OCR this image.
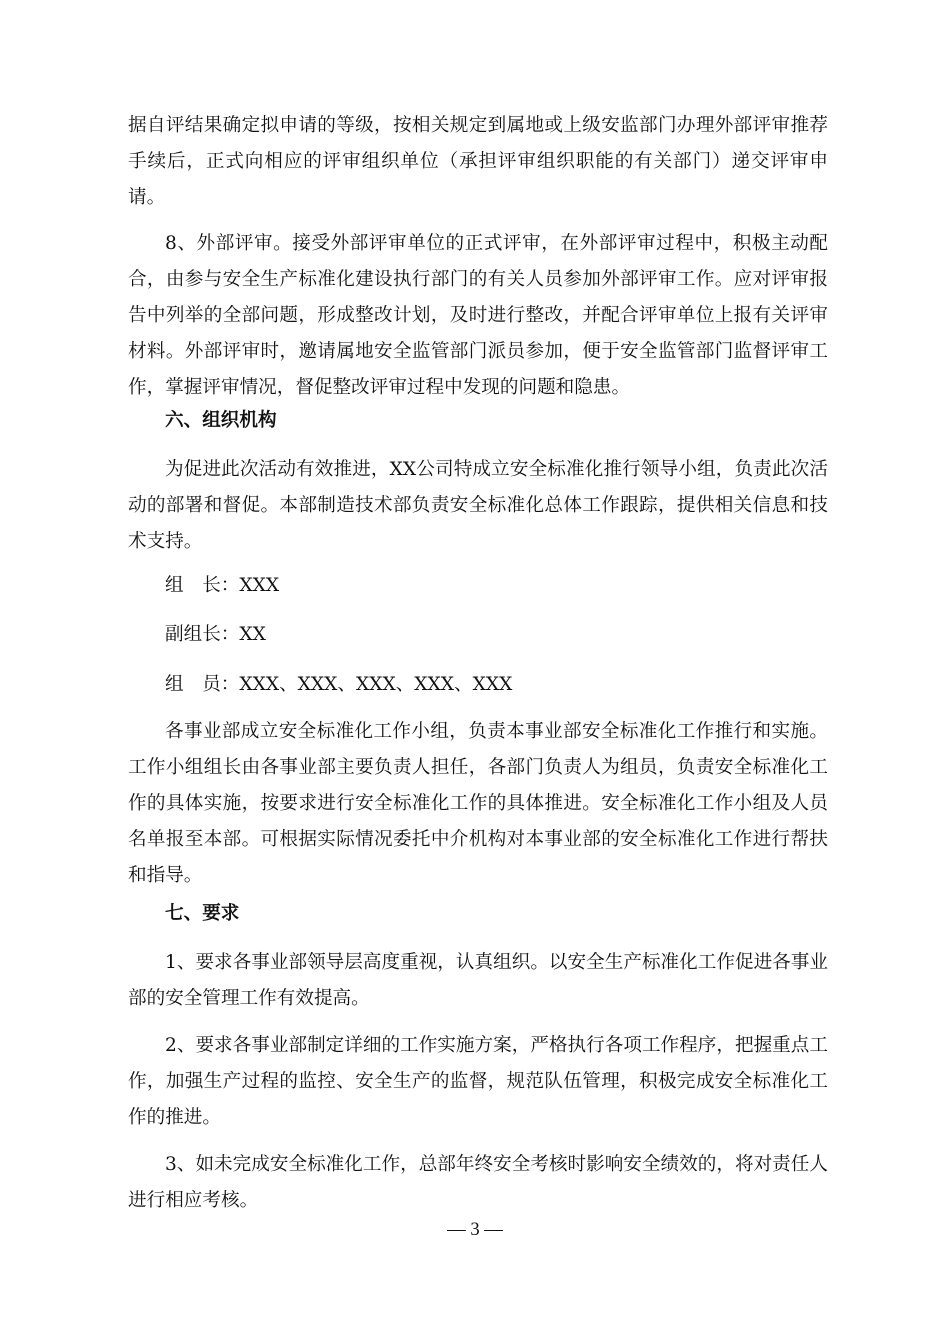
据自评结果确定拟申请的等级，按相关规定到属地或上级安监部门办理外部评审推荐手续后，正式向相应的评审组织单位（承担评审组织职能的有关部门）递交评审申请。

8、外部评审。接受外部评审单位的正式评审，在外部评审过程中，积极主动配合，由参与安全生产标准化建设执行部门的有关人员参加外部评审工作。应对评审报告中列举的全部问题，形成整改计划，及时进行整改，并配合评审单位上报有关评审材料。外部评审时，邀请属地安全监管部门派员参加，便于安全监管部门监督评审工作，掌握评审情况，督促整改评审过程中发现的问题和隐患。

六、组织机构

为促进此次活动有效推进，XX公司特成立安全标准化推行领导小组，负责此次活动的部署和督促。本部制造技术部负责安全标准化总体工作跟踪，提供相关信息和技术支持。

组　长：XXX

副组长：XX

组　员：XXX、XXX、XXX、XXX、XXX

各事业部成立安全标准化工作小组，负责本事业部安全标准化工作推行和实施。工作小组组长由各事业部主要负责人担任，各部门负责人为组员，负责安全标准化工作的具体实施，按要求进行安全标准化工作的具体推进。安全标准化工作小组及人员名单报至本部。可根据实际情况委托中介机构对本事业部的安全标准化工作进行帮扶和指导。

七、要求

1、要求各事业部领导层高度重视，认真组织。以安全生产标准化工作促进各事业部的安全管理工作有效提高。

2、要求各事业部制定详细的工作实施方案，严格执行各项工作程序，把握重点工作，加强生产过程的监控、安全生产的监督，规范队伍管理，积极完成安全标准化工作的推进。

3、如未完成安全标准化工作，总部年终安全考核时影响安全绩效的，将对责任人进行相应考核。

— 3 —
